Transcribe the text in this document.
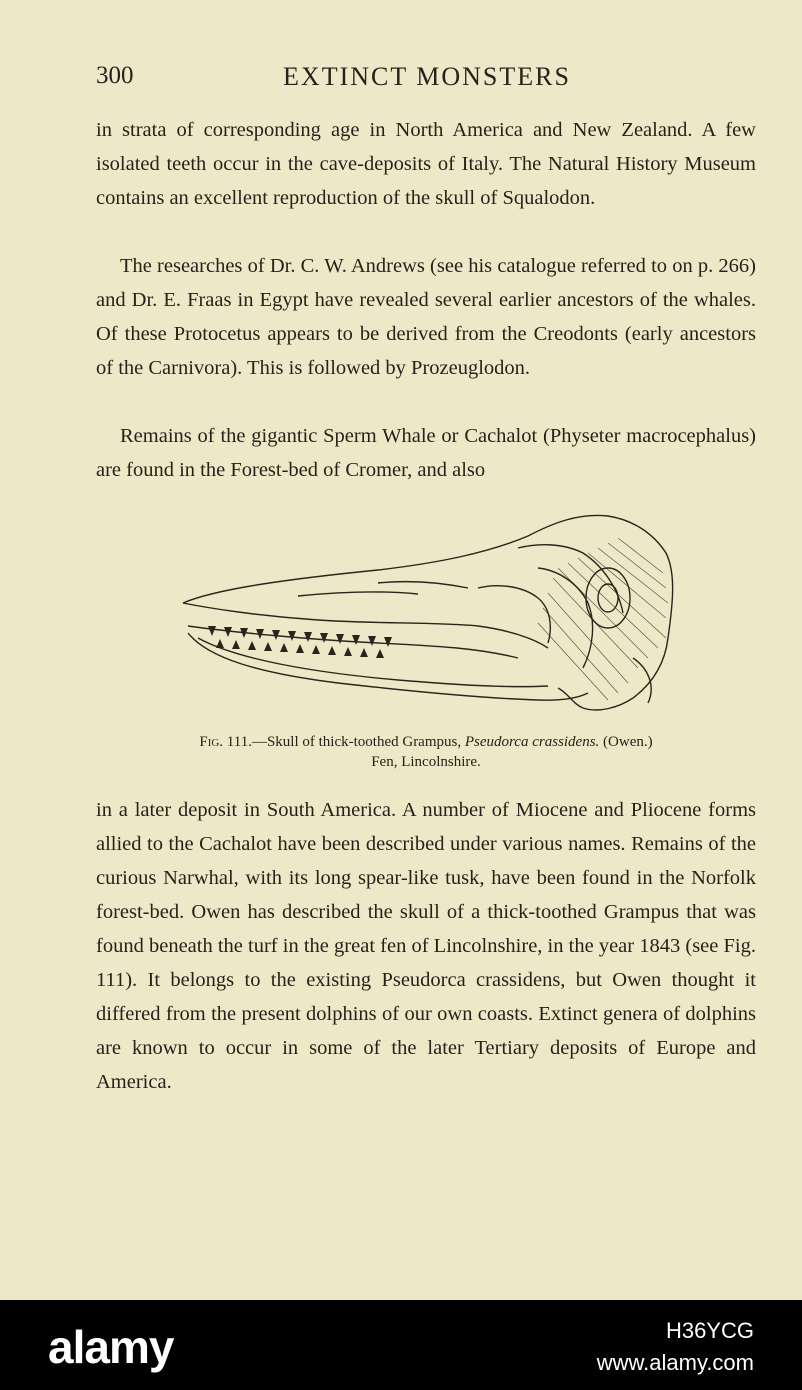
300	EXTINCT MONSTERS

in strata of corresponding age in North America and New Zealand. A few isolated teeth occur in the cave-deposits of Italy. The Natural History Museum contains an excellent reproduction of the skull of Squalodon.

The researches of Dr. C. W. Andrews (see his catalogue referred to on p. 266) and Dr. E. Fraas in Egypt have revealed several earlier ancestors of the whales. Of these Protocetus appears to be derived from the Creodonts (early ancestors of the Carnivora). This is followed by Prozeuglodon.

Remains of the gigantic Sperm Whale or Cachalot (Physeter macrocephalus) are found in the Forest-bed of Cromer, and also

Fig. 111.—Skull of thick-toothed Grampus, Pseudorca crassidens. (Owen.)
Fen, Lincolnshire.

in a later deposit in South America. A number of Miocene and Pliocene forms allied to the Cachalot have been described under various names. Remains of the curious Narwhal, with its long spear-like tusk, have been found in the Norfolk forest-bed. Owen has described the skull of a thick-toothed Grampus that was found beneath the turf in the great fen of Lincolnshire, in the year 1843 (see Fig. 111). It belongs to the existing Pseudorca crassidens, but Owen thought it differed from the present dolphins of our own coasts. Extinct genera of dolphins are known to occur in some of the later Tertiary deposits of Europe and America.

alamy	H36YCG
www.alamy.com
